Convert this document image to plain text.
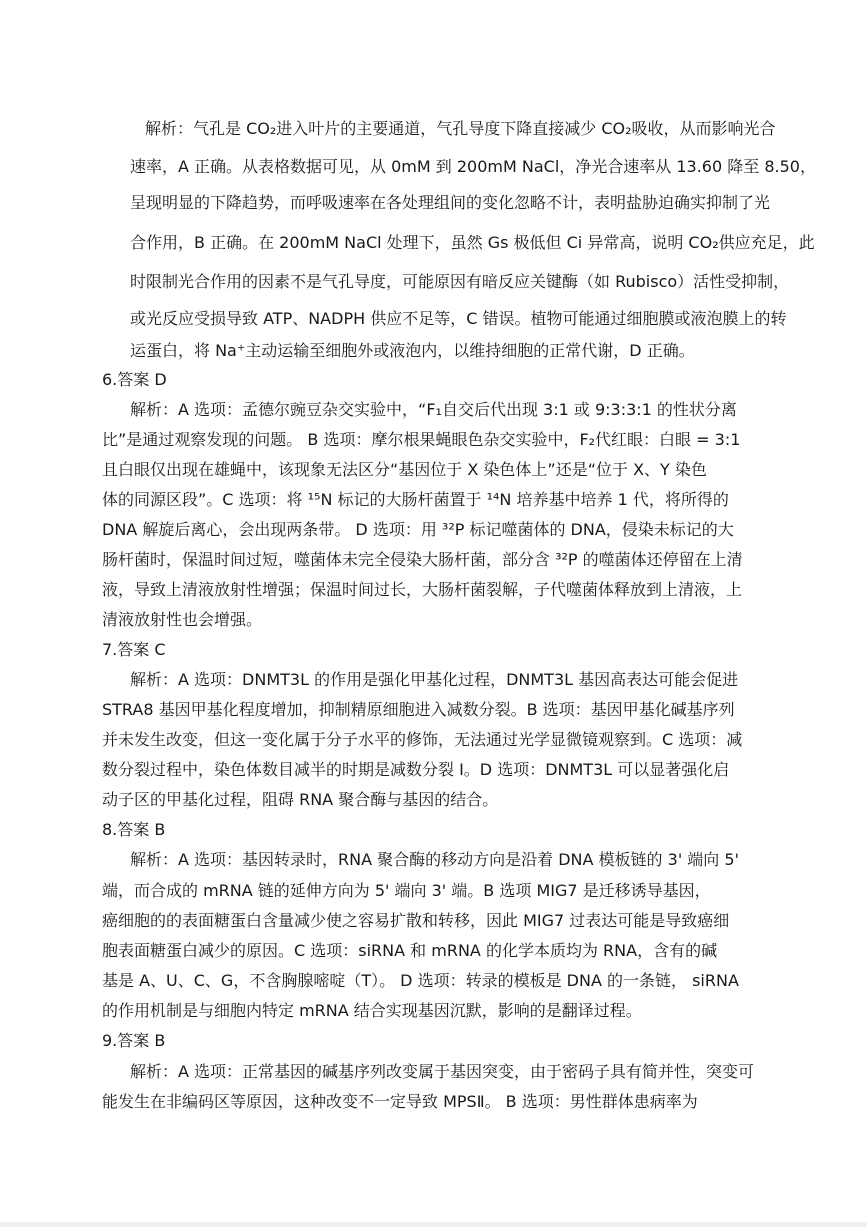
解析：气孔是 CO₂进入叶片的主要通道，气孔导度下降直接减少 CO₂吸收，从而影响光合
速率，A 正确。从表格数据可见，从 0mM 到 200mM NaCl，净光合速率从 13.60 降至 8.50，
呈现明显的下降趋势，而呼吸速率在各处理组间的变化忽略不计，表明盐胁迫确实抑制了光
合作用，B 正确。在 200mM NaCl 处理下，虽然 Gs 极低但 Ci 异常高，说明 CO₂供应充足，此
时限制光合作用的因素不是气孔导度，可能原因有暗反应关键酶（如 Rubisco）活性受抑制，
或光反应受损导致 ATP、NADPH 供应不足等，C 错误。植物可能通过细胞膜或液泡膜上的转
运蛋白，将 Na⁺主动运输至细胞外或液泡内，以维持细胞的正常代谢，D 正确。
6.答案 D
解析：A 选项：孟德尔豌豆杂交实验中，“F₁自交后代出现 3:1 或 9:3:3:1 的性状分离
比”是通过观察发现的问题。 B 选项：摩尔根果蝇眼色杂交实验中，F₂代红眼：白眼 = 3:1
且白眼仅出现在雄蝇中，该现象无法区分“基因位于 X 染色体上”还是“位于 X、Y 染色
体的同源区段”。C 选项：将 ¹⁵N 标记的大肠杆菌置于 ¹⁴N 培养基中培养 1 代，将所得的
DNA 解旋后离心，会出现两条带。 D 选项：用 ³²P 标记噬菌体的 DNA，侵染未标记的大
肠杆菌时，保温时间过短，噬菌体未完全侵染大肠杆菌，部分含 ³²P 的噬菌体还停留在上清
液，导致上清液放射性增强；保温时间过长，大肠杆菌裂解，子代噬菌体释放到上清液，上
清液放射性也会增强。
7.答案 C
解析：A 选项：DNMT3L 的作用是强化甲基化过程，DNMT3L 基因高表达可能会促进
STRA8 基因甲基化程度增加，抑制精原细胞进入减数分裂。B 选项：基因甲基化碱基序列
并未发生改变，但这一变化属于分子水平的修饰，无法通过光学显微镜观察到。C 选项：减
数分裂过程中，染色体数目减半的时期是减数分裂 Ⅰ。D 选项：DNMT3L 可以显著强化启
动子区的甲基化过程，阻碍 RNA 聚合酶与基因的结合。
8.答案 B
解析：A 选项：基因转录时，RNA 聚合酶的移动方向是沿着 DNA 模板链的 3' 端向 5'
端，而合成的 mRNA 链的延伸方向为 5' 端向 3' 端。B 选项 MIG7 是迁移诱导基因，
癌细胞的的表面糖蛋白含量减少使之容易扩散和转移，因此 MIG7 过表达可能是导致癌细
胞表面糖蛋白减少的原因。C 选项：siRNA 和 mRNA 的化学本质均为 RNA，含有的碱
基是 A、U、C、G，不含胸腺嘧啶（T）。 D 选项：转录的模板是 DNA 的一条链， siRNA
的作用机制是与细胞内特定 mRNA 结合实现基因沉默，影响的是翻译过程。
9.答案 B
解析：A 选项：正常基因的碱基序列改变属于基因突变，由于密码子具有简并性，突变可
能发生在非编码区等原因，这种改变不一定导致 MPSⅡ。 B 选项：男性群体患病率为
